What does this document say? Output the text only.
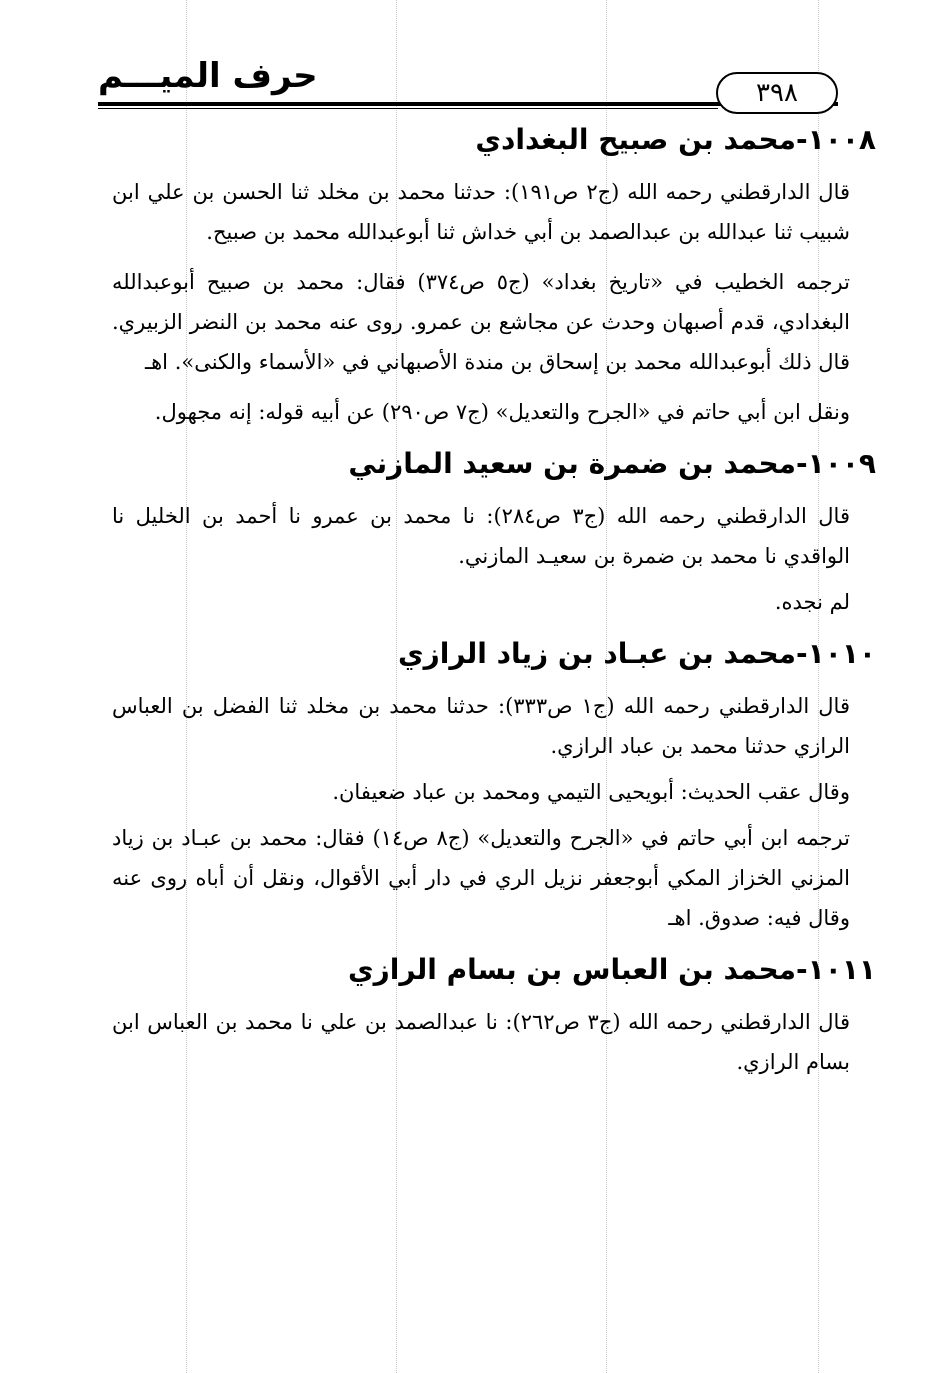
حرف الميـــم	٣٩٨
١٠٠٨-محمد بن صبيح البغدادي

قال الدارقطني رحمه الله (ج٢ ص١٩١): حدثنا محمد بن مخلد ثنا الحسن بن علي ابن شبيب ثنا عبدالله بن عبدالصمد بن أبي خداش ثنا أبوعبدالله محمد بن صبيح.

ترجمه الخطيب في «تاريخ بغداد» (ج٥ ص٣٧٤) فقال: محمد بن صبيح أبوعبدالله البغدادي، قدم أصبهان وحدث عن مجاشع بن عمرو. روى عنه محمد بن النضر الزبيري. قال ذلك أبوعبدالله محمد بن إسحاق بن مندة الأصبهاني في «الأسماء والكنى». اهـ

ونقل ابن أبي حاتم في «الجرح والتعديل» (ج٧ ص٢٩٠) عن أبيه قوله: إنه مجهول.

١٠٠٩-محمد بن ضمرة بن سعيد المازني

قال الدارقطني رحمه الله (ج٣ ص٢٨٤): نا محمد بن عمرو نا أحمد بن الخليل نا الواقدي نا محمد بن ضمرة بن سعيـد المازني.

لم نجده.

١٠١٠-محمد بن عبـاد بن زياد الرازي

قال الدارقطني رحمه الله (ج١ ص٣٣٣): حدثنا محمد بن مخلد ثنا الفضل بن العباس الرازي حدثنا محمد بن عباد الرازي.

وقال عقب الحديث: أبويحيى التيمي ومحمد بن عباد ضعيفان.

ترجمه ابن أبي حاتم في «الجرح والتعديل» (ج٨ ص١٤) فقال: محمد بن عبـاد بن زياد المزني الخزاز المكي أبوجعفر نزيل الري في دار أبي الأقوال، ونقل أن أباه روى عنه وقال فيه: صدوق. اهـ

١٠١١-محمد بن العباس بن بسام الرازي

قال الدارقطني رحمه الله (ج٣ ص٢٦٢): نا عبدالصمد بن علي نا محمد بن العباس ابن بسام الرازي.
